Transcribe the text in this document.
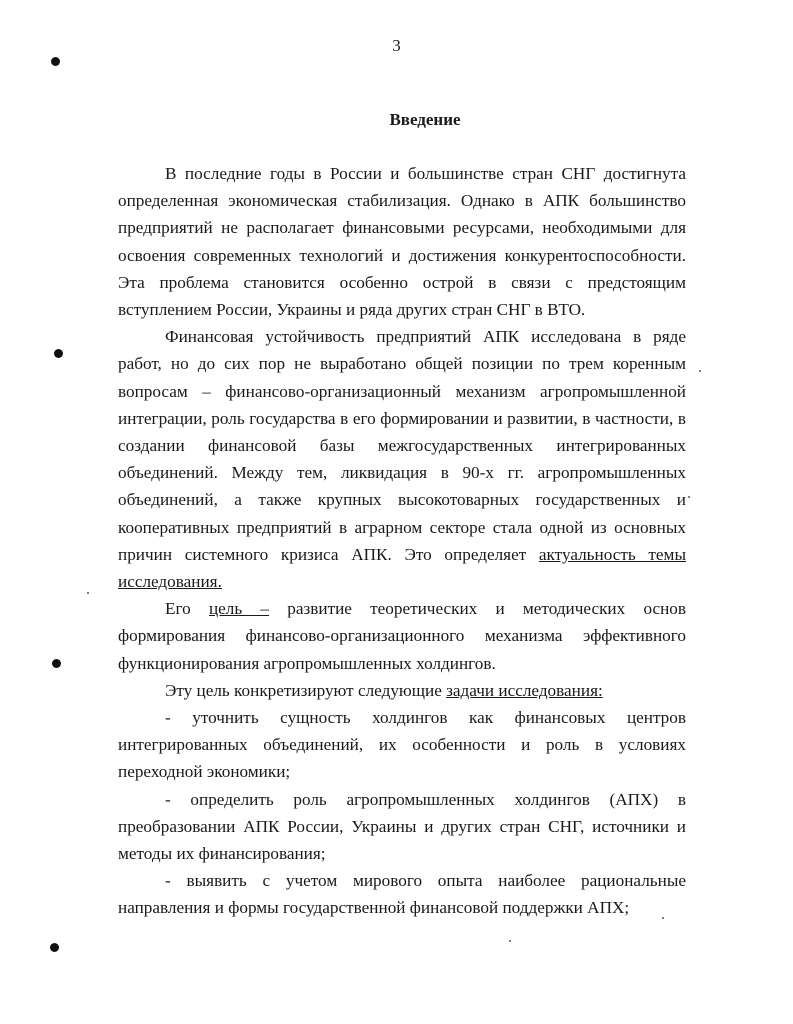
3
Введение

В последние годы в России и большинстве стран СНГ достигнута определенная экономическая стабилизация. Однако в АПК большинство предприятий не располагает финансовыми ресурсами, необходимыми для освоения современных технологий и достижения конкурентоспособности. Эта проблема становится особенно острой в связи с предстоящим вступлением России, Украины и ряда других стран СНГ в ВТО.

Финансовая устойчивость предприятий АПК исследована в ряде работ, но до сих пор не выработано общей позиции по трем коренным вопросам – финансово-организационный механизм агропромышленной интеграции, роль государства в его формировании и развитии, в частности, в создании финансовой базы межгосударственных интегрированных объединений. Между тем, ликвидация в 90-х гг. агропромышленных объединений, а также крупных высокотоварных государственных и кооперативных предприятий в аграрном секторе стала одной из основных причин системного кризиса АПК. Это определяет актуальность темы исследования.

Его цель – развитие теоретических и методических основ формирования финансово-организационного механизма эффективного функционирования агропромышленных холдингов.

Эту цель конкретизируют следующие задачи исследования:

- уточнить сущность холдингов как финансовых центров интегрированных объединений, их особенности и роль в условиях переходной экономики;

- определить роль агропромышленных холдингов (АПХ) в преобразовании АПК России, Украины и других стран СНГ, источники и методы их финансирования;

- выявить с учетом мирового опыта наиболее рациональные направления и формы государственной финансовой поддержки АПХ;
